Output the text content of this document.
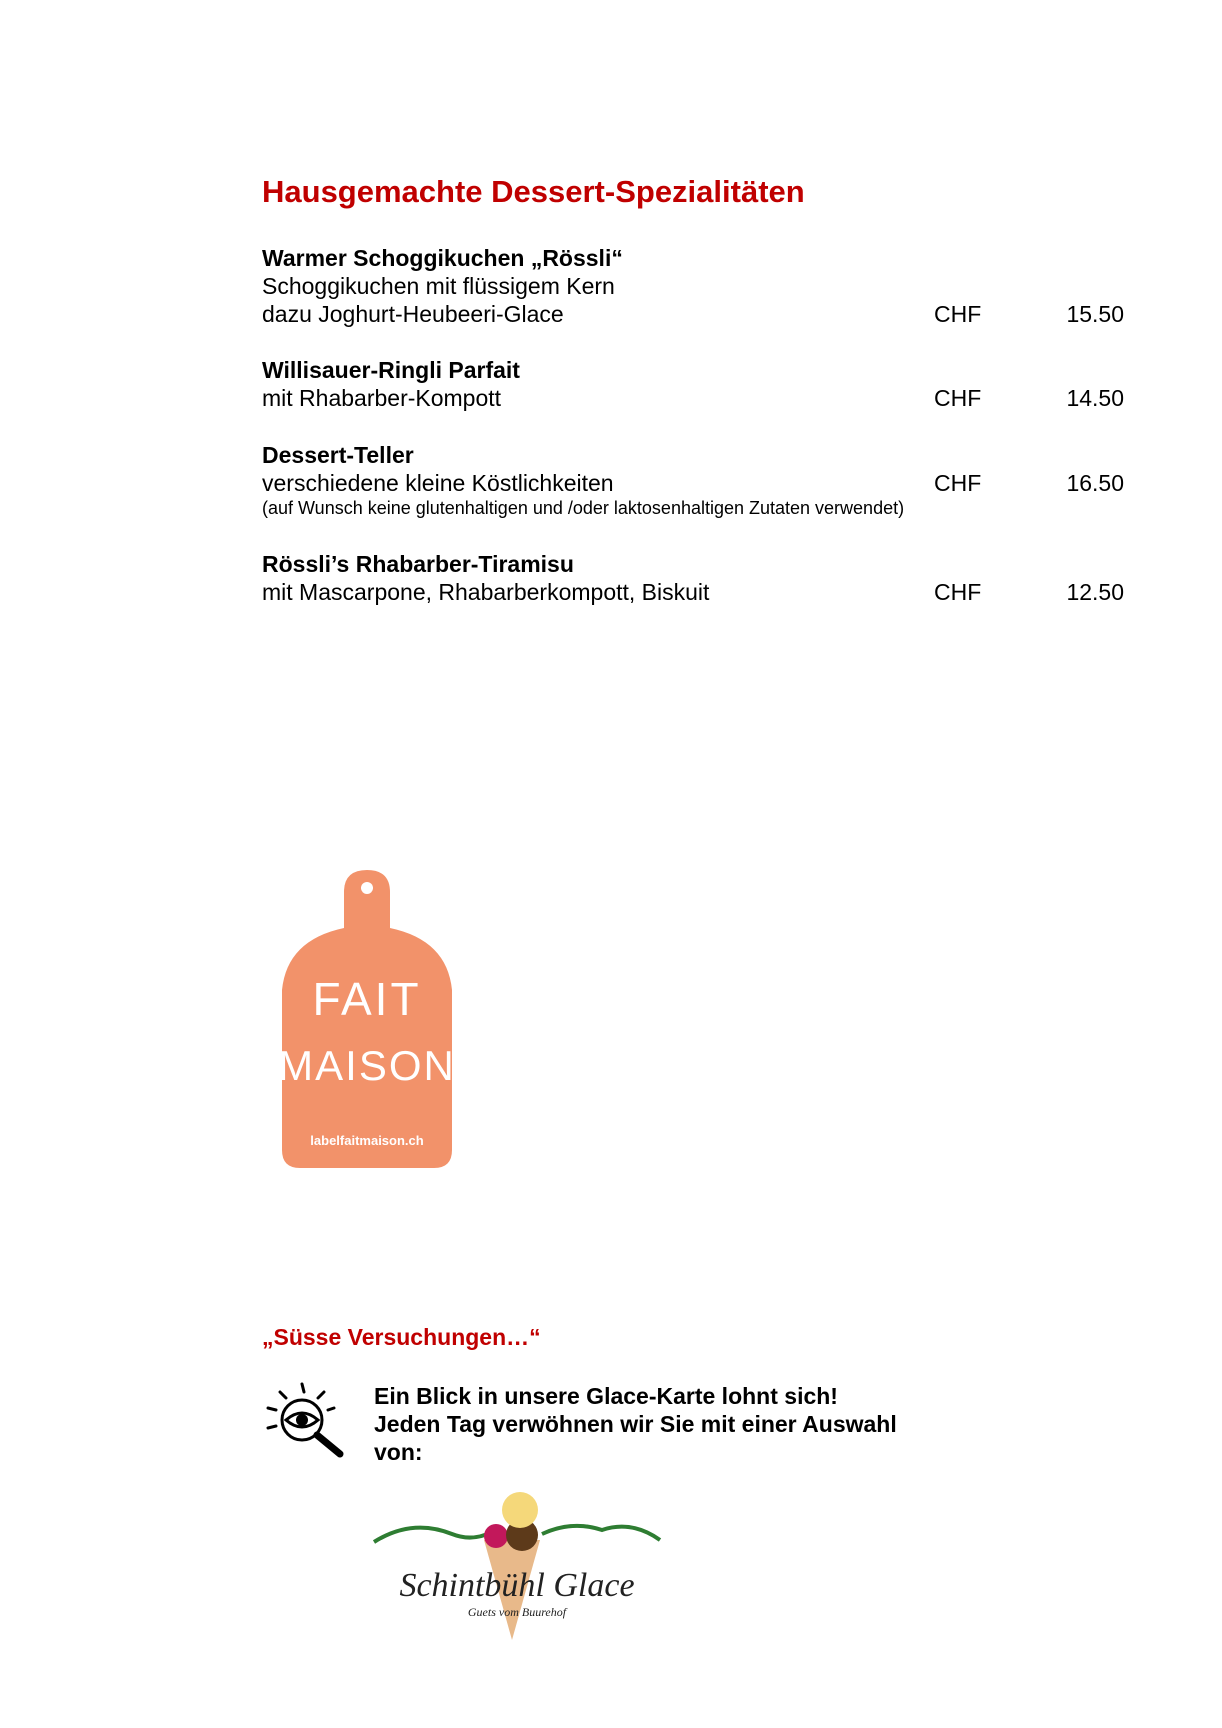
Hausgemachte Dessert-Spezialitäten
Warmer Schoggikuchen „Rössli“
Schoggikuchen mit flüssigem Kern
dazu Joghurt-Heubeeri-Glace	CHF	15.50
Willisauer-Ringli Parfait
mit Rhabarber-Kompott	CHF	14.50
Dessert-Teller
verschiedene kleine Köstlichkeiten	CHF	16.50
(auf Wunsch keine glutenhaltigen und /oder laktosenhaltigen Zutaten verwendet)
Rössli’s Rhabarber-Tiramisu
mit Mascarpone, Rhabarberkompott, Biskuit	CHF	12.50
FAIT
MAISON
labelfaitmaison.ch
„Süsse Versuchungen…“
Ein Blick in unsere Glace-Karte lohnt sich!
Jeden Tag verwöhnen wir Sie mit einer Auswahl
von:
Schintbühl Glace
Guets vom Buurehof
